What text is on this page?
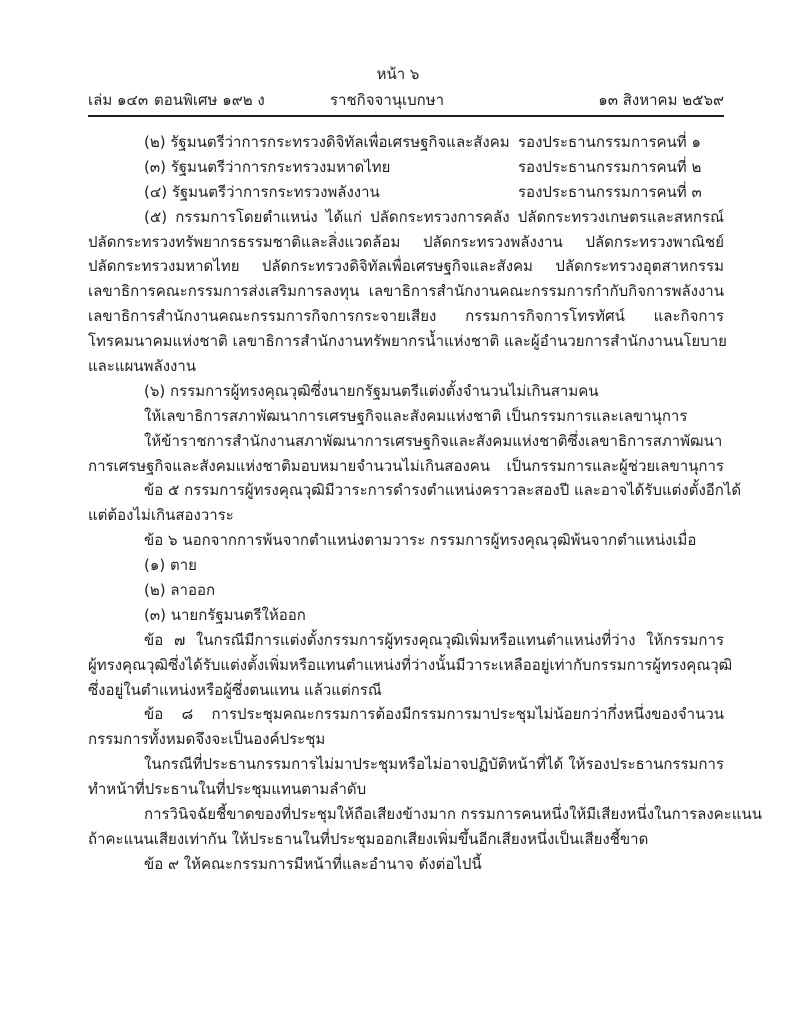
หน้า ๖
เล่ม ๑๔๓ ตอนพิเศษ ๑๙๒ ง	ราชกิจจานุเบกษา	๑๓ สิงหาคม ๒๕๖๙
(๒) รัฐมนตรีว่าการกระทรวงดิจิทัลเพื่อเศรษฐกิจและสังคม รองประธานกรรมการคนที่ ๑
(๓) รัฐมนตรีว่าการกระทรวงมหาดไทย	รองประธานกรรมการคนที่ ๒
(๔) รัฐมนตรีว่าการกระทรวงพลังงาน	รองประธานกรรมการคนที่ ๓
(๕) กรรมการโดยตำแหน่ง ได้แก่ ปลัดกระทรวงการคลัง ปลัดกระทรวงเกษตรและสหกรณ์
ปลัดกระทรวงทรัพยากรธรรมชาติและสิ่งแวดล้อม ปลัดกระทรวงพลังงาน ปลัดกระทรวงพาณิชย์
ปลัดกระทรวงมหาดไทย ปลัดกระทรวงดิจิทัลเพื่อเศรษฐกิจและสังคม ปลัดกระทรวงอุตสาหกรรม
เลขาธิการคณะกรรมการส่งเสริมการลงทุน เลขาธิการสำนักงานคณะกรรมการกำกับกิจการพลังงาน
เลขาธิการสำนักงานคณะกรรมการกิจการกระจายเสียง กรรมการกิจการโทรทัศน์ และกิจการ
โทรคมนาคมแห่งชาติ เลขาธิการสำนักงานทรัพยากรน้ำแห่งชาติ และผู้อำนวยการสำนักงานนโยบาย
และแผนพลังงาน
(๖) กรรมการผู้ทรงคุณวุฒิซึ่งนายกรัฐมนตรีแต่งตั้งจำนวนไม่เกินสามคน
ให้เลขาธิการสภาพัฒนาการเศรษฐกิจและสังคมแห่งชาติ เป็นกรรมการและเลขานุการ
ให้ข้าราชการสำนักงานสภาพัฒนาการเศรษฐกิจและสังคมแห่งชาติซึ่งเลขาธิการสภาพัฒนา
การเศรษฐกิจและสังคมแห่งชาติมอบหมายจำนวนไม่เกินสองคน เป็นกรรมการและผู้ช่วยเลขานุการ
ข้อ ๕ กรรมการผู้ทรงคุณวุฒิมีวาระการดำรงตำแหน่งคราวละสองปี และอาจได้รับแต่งตั้งอีกได้
แต่ต้องไม่เกินสองวาระ
ข้อ ๖ นอกจากการพ้นจากตำแหน่งตามวาระ กรรมการผู้ทรงคุณวุฒิพ้นจากตำแหน่งเมื่อ
(๑) ตาย
(๒) ลาออก
(๓) นายกรัฐมนตรีให้ออก
ข้อ ๗ ในกรณีมีการแต่งตั้งกรรมการผู้ทรงคุณวุฒิเพิ่มหรือแทนตำแหน่งที่ว่าง ให้กรรมการ
ผู้ทรงคุณวุฒิซึ่งได้รับแต่งตั้งเพิ่มหรือแทนตำแหน่งที่ว่างนั้นมีวาระเหลืออยู่เท่ากับกรรมการผู้ทรงคุณวุฒิ
ซึ่งอยู่ในตำแหน่งหรือผู้ซึ่งตนแทน แล้วแต่กรณี
ข้อ ๘ การประชุมคณะกรรมการต้องมีกรรมการมาประชุมไม่น้อยกว่ากึ่งหนึ่งของจำนวน
กรรมการทั้งหมดจึงจะเป็นองค์ประชุม
ในกรณีที่ประธานกรรมการไม่มาประชุมหรือไม่อาจปฏิบัติหน้าที่ได้ ให้รองประธานกรรมการ
ทำหน้าที่ประธานในที่ประชุมแทนตามลำดับ
การวินิจฉัยชี้ขาดของที่ประชุมให้ถือเสียงข้างมาก กรรมการคนหนึ่งให้มีเสียงหนึ่งในการลงคะแนน
ถ้าคะแนนเสียงเท่ากัน ให้ประธานในที่ประชุมออกเสียงเพิ่มขึ้นอีกเสียงหนึ่งเป็นเสียงชี้ขาด
ข้อ ๙ ให้คณะกรรมการมีหน้าที่และอำนาจ ดังต่อไปนี้
